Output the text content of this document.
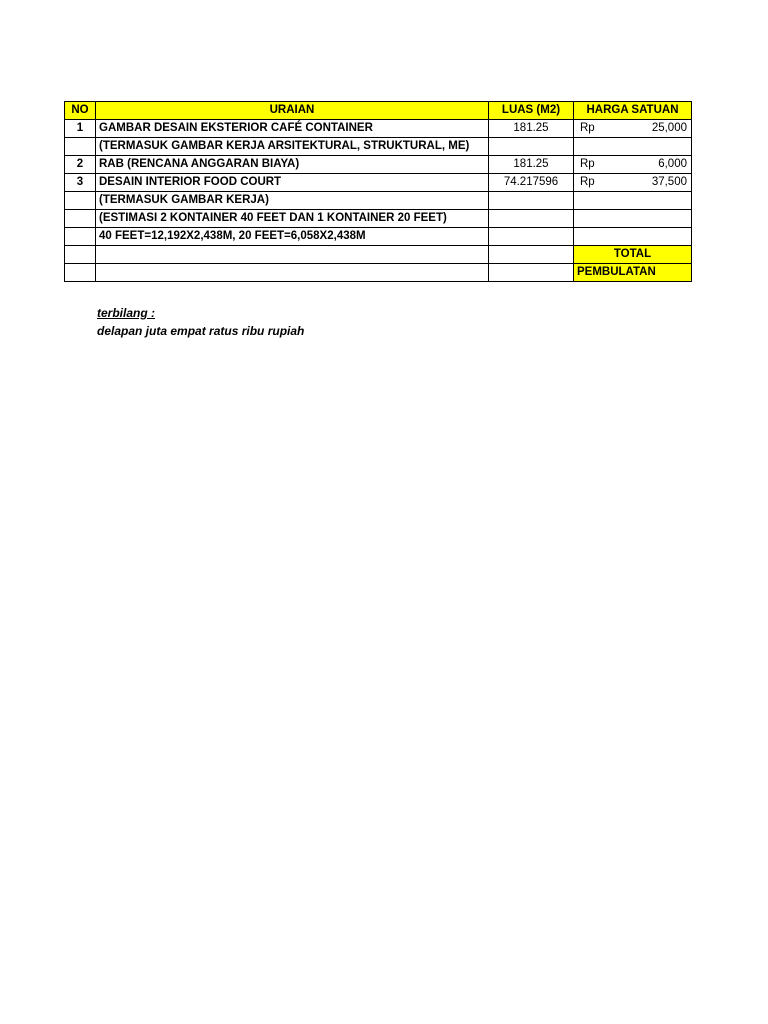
NO	URAIAN	LUAS (M2)	HARGA SATUAN
1	GAMBAR DESAIN EKSTERIOR CAFÉ CONTAINER	181.25	Rp 25,000

	(TERMASUK GAMBAR KERJA ARSITEKTURAL, STRUKTURAL, ME)		

2	RAB (RENCANA ANGGARAN BIAYA)	181.25	Rp 6,000

3	DESAIN INTERIOR FOOD COURT	74.217596	Rp 37,500

	(TERMASUK GAMBAR KERJA)		

	(ESTIMASI 2 KONTAINER 40 FEET DAN 1 KONTAINER 20 FEET)		

	40 FEET=12,192X2,438M, 20 FEET=6,058X2,438M		

			TOTAL
			PEMBULATAN
terbilang :
delapan juta empat ratus ribu rupiah
